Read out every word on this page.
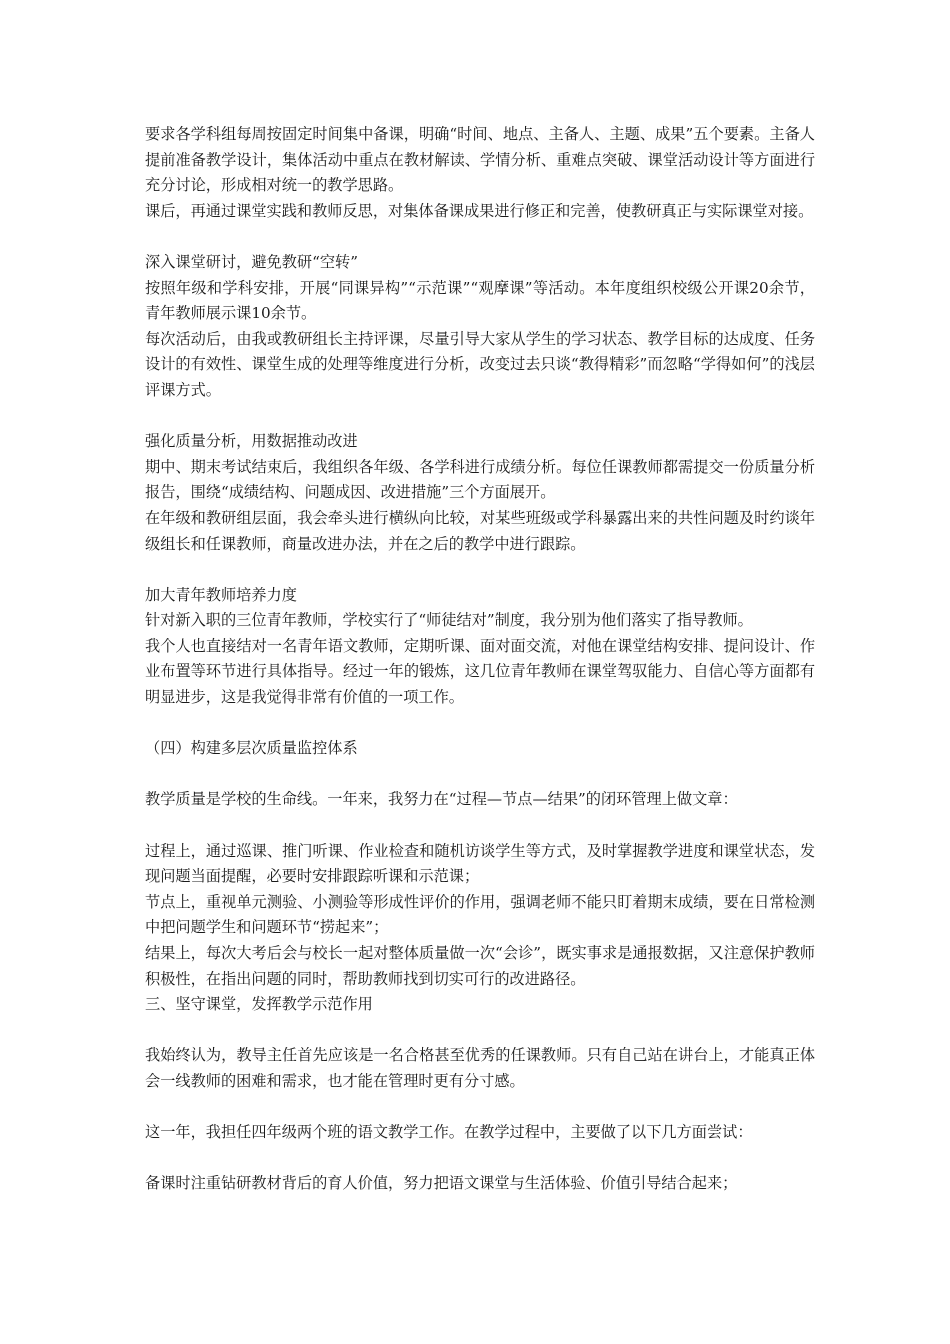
要求各学科组每周按固定时间集中备课，明确“时间、地点、主备人、主题、成果”五个要素。主备人提前准备教学设计，集体活动中重点在教材解读、学情分析、重难点突破、课堂活动设计等方面进行充分讨论，形成相对统一的教学思路。

课后，再通过课堂实践和教师反思，对集体备课成果进行修正和完善，使教研真正与实际课堂对接。

深入课堂研讨，避免教研“空转”

按照年级和学科安排，开展“同课异构”“示范课”“观摩课”等活动。本年度组织校级公开课20余节，青年教师展示课10余节。

每次活动后，由我或教研组长主持评课，尽量引导大家从学生的学习状态、教学目标的达成度、任务设计的有效性、课堂生成的处理等维度进行分析，改变过去只谈“教得精彩”而忽略“学得如何”的浅层评课方式。

强化质量分析，用数据推动改进

期中、期末考试结束后，我组织各年级、各学科进行成绩分析。每位任课教师都需提交一份质量分析报告，围绕“成绩结构、问题成因、改进措施”三个方面展开。

在年级和教研组层面，我会牵头进行横纵向比较，对某些班级或学科暴露出来的共性问题及时约谈年级组长和任课教师，商量改进办法，并在之后的教学中进行跟踪。

加大青年教师培养力度

针对新入职的三位青年教师，学校实行了“师徒结对”制度，我分别为他们落实了指导教师。

我个人也直接结对一名青年语文教师，定期听课、面对面交流，对他在课堂结构安排、提问设计、作业布置等环节进行具体指导。经过一年的锻炼，这几位青年教师在课堂驾驭能力、自信心等方面都有明显进步，这是我觉得非常有价值的一项工作。

（四）构建多层次质量监控体系

教学质量是学校的生命线。一年来，我努力在“过程—节点—结果”的闭环管理上做文章：

过程上，通过巡课、推门听课、作业检查和随机访谈学生等方式，及时掌握教学进度和课堂状态，发现问题当面提醒，必要时安排跟踪听课和示范课；

节点上，重视单元测验、小测验等形成性评价的作用，强调老师不能只盯着期末成绩，要在日常检测中把问题学生和问题环节“捞起来”；

结果上，每次大考后会与校长一起对整体质量做一次“会诊”，既实事求是通报数据，又注意保护教师积极性，在指出问题的同时，帮助教师找到切实可行的改进路径。

三、坚守课堂，发挥教学示范作用

我始终认为，教导主任首先应该是一名合格甚至优秀的任课教师。只有自己站在讲台上，才能真正体会一线教师的困难和需求，也才能在管理时更有分寸感。

这一年，我担任四年级两个班的语文教学工作。在教学过程中，主要做了以下几方面尝试：

备课时注重钻研教材背后的育人价值，努力把语文课堂与生活体验、价值引导结合起来；
